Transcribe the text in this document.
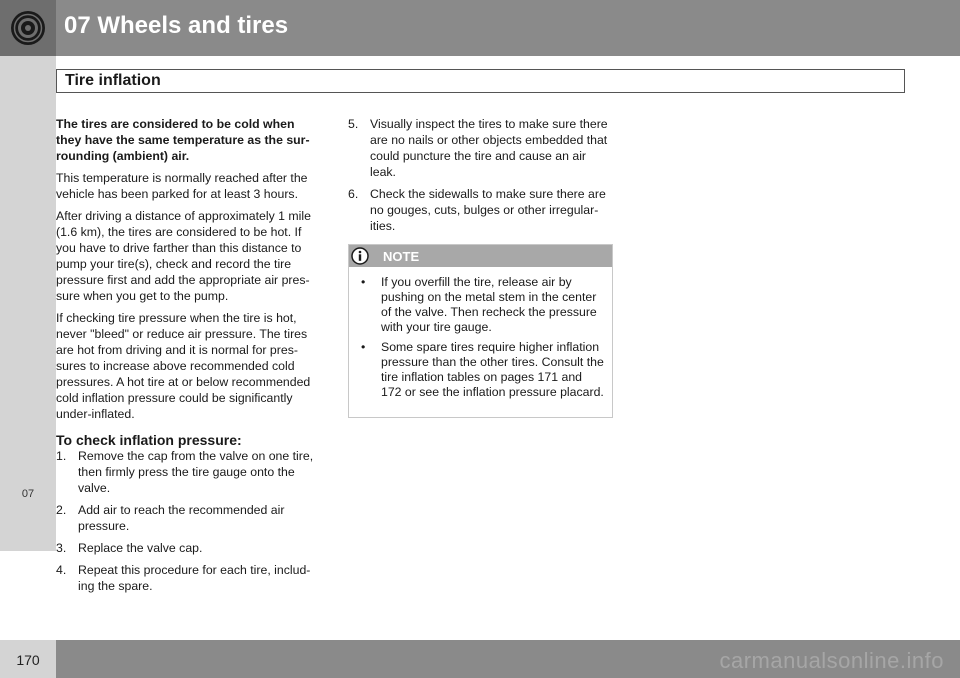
07 Wheels and tires
Tire inflation
07

The tires are considered to be cold when they have the same temperature as the sur-rounding (ambient) air.

This temperature is normally reached after the vehicle has been parked for at least 3 hours.

After driving a distance of approximately 1 mile (1.6 km), the tires are considered to be hot. If you have to drive farther than this distance to pump your tire(s), check and record the tire pressure first and add the appropriate air pres-sure when you get to the pump.

If checking tire pressure when the tire is hot, never "bleed" or reduce air pressure. The tires are hot from driving and it is normal for pres-sures to increase above recommended cold pressures. A hot tire at or below recommended cold inflation pressure could be significantly under-inflated.

To check inflation pressure:
1. Remove the cap from the valve on one tire, then firmly press the tire gauge onto the valve.
2. Add air to reach the recommended air pressure.
3. Replace the valve cap.
4. Repeat this procedure for each tire, includ-ing the spare.
5. Visually inspect the tires to make sure there are no nails or other objects embedded that could puncture the tire and cause an air leak.
6. Check the sidewalls to make sure there are no gouges, cuts, bulges or other irregular-ities.
NOTE
• If you overfill the tire, release air by pushing on the metal stem in the center of the valve. Then recheck the pressure with your tire gauge.
• Some spare tires require higher inflation pressure than the other tires. Consult the tire inflation tables on pages 171 and 172 or see the inflation pressure placard.
170	carmanualsonline.info
